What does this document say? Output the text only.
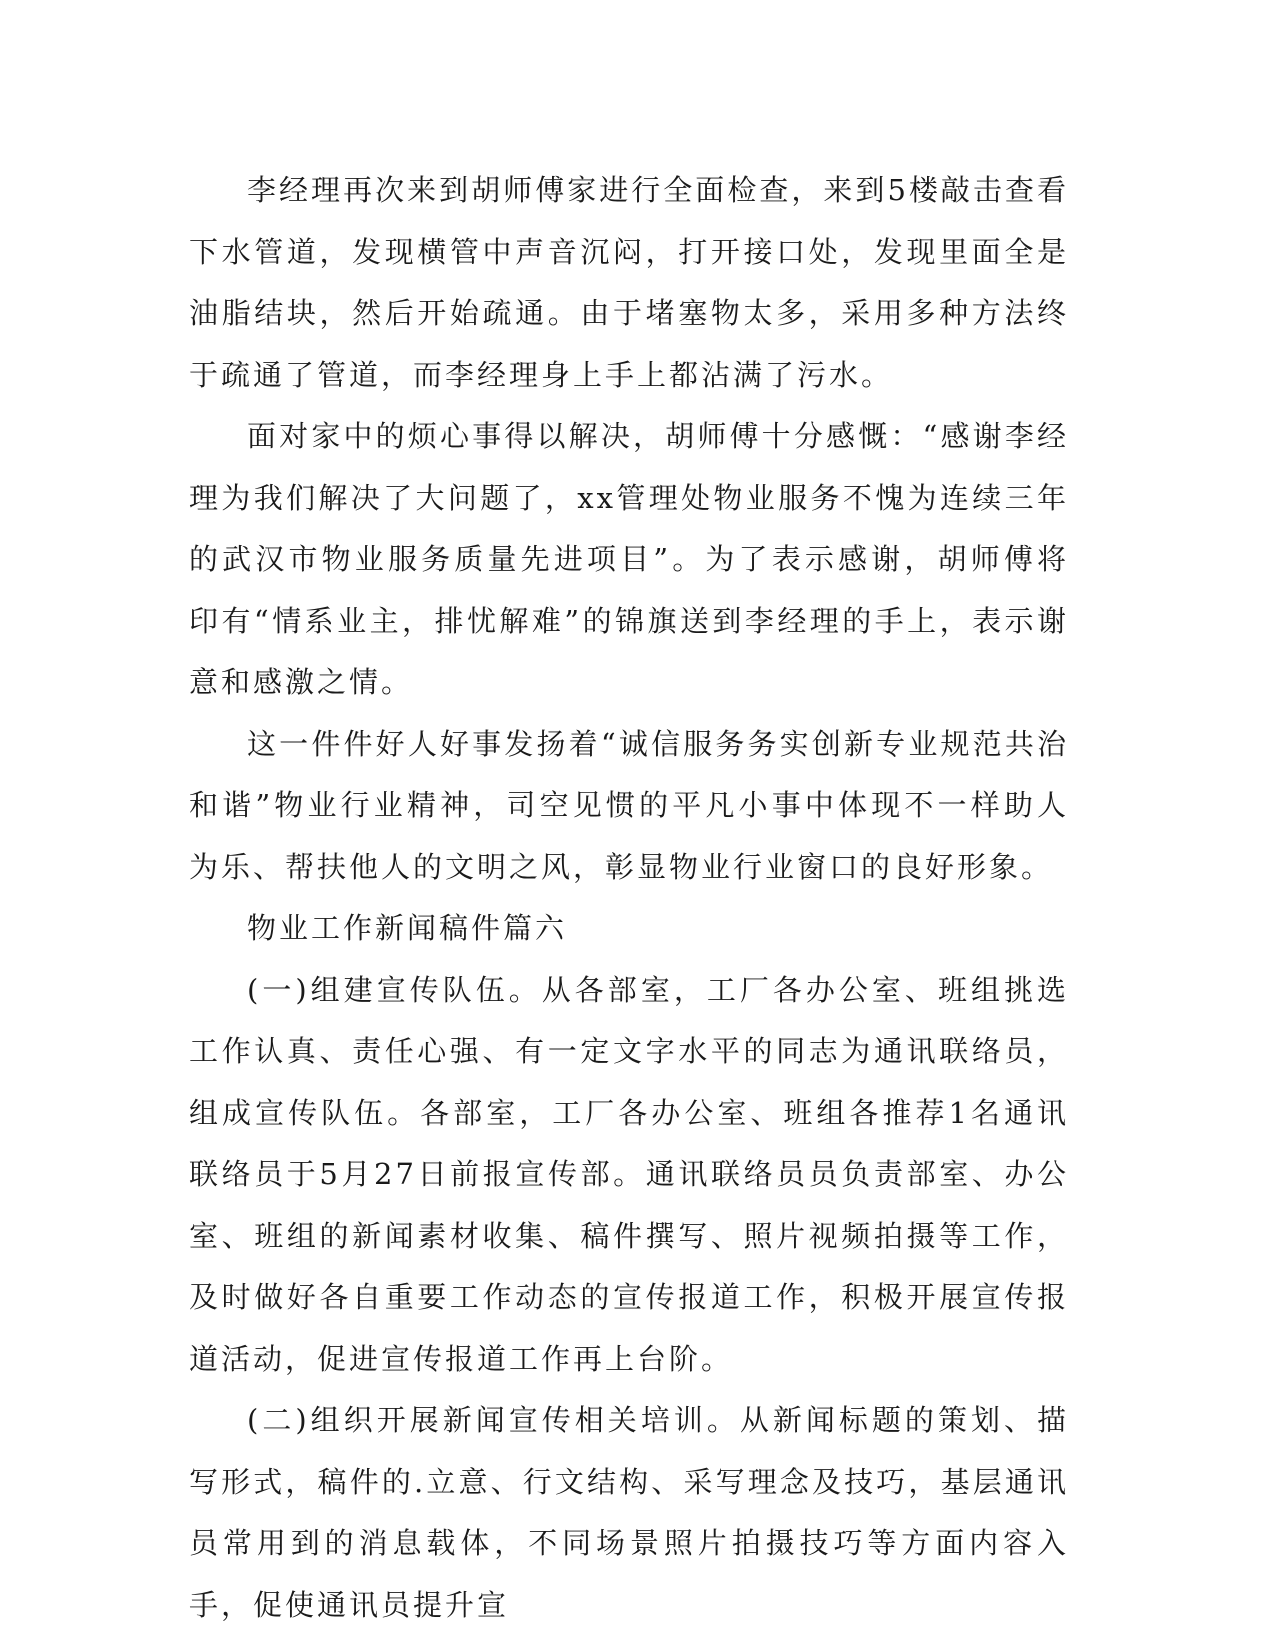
李经理再次来到胡师傅家进行全面检查，来到5楼敲击查看下水管道，发现横管中声音沉闷，打开接口处，发现里面全是油脂结块，然后开始疏通。由于堵塞物太多，采用多种方法终于疏通了管道，而李经理身上手上都沾满了污水。

面对家中的烦心事得以解决，胡师傅十分感慨：“感谢李经理为我们解决了大问题了，xx管理处物业服务不愧为连续三年的武汉市物业服务质量先进项目”。为了表示感谢，胡师傅将印有“情系业主，排忧解难”的锦旗送到李经理的手上，表示谢意和感激之情。

这一件件好人好事发扬着“诚信服务务实创新专业规范共治和谐”物业行业精神，司空见惯的平凡小事中体现不一样助人为乐、帮扶他人的文明之风，彰显物业行业窗口的良好形象。

物业工作新闻稿件篇六

(一)组建宣传队伍。从各部室，工厂各办公室、班组挑选工作认真、责任心强、有一定文字水平的同志为通讯联络员，组成宣传队伍。各部室，工厂各办公室、班组各推荐1名通讯联络员于5月27日前报宣传部。通讯联络员员负责部室、办公室、班组的新闻素材收集、稿件撰写、照片视频拍摄等工作，及时做好各自重要工作动态的宣传报道工作，积极开展宣传报道活动，促进宣传报道工作再上台阶。

(二)组织开展新闻宣传相关培训。从新闻标题的策划、描写形式，稿件的.立意、行文结构、采写理念及技巧，基层通讯员常用到的消息载体，不同场景照片拍摄技巧等方面内容入手，促使通讯员提升宣
